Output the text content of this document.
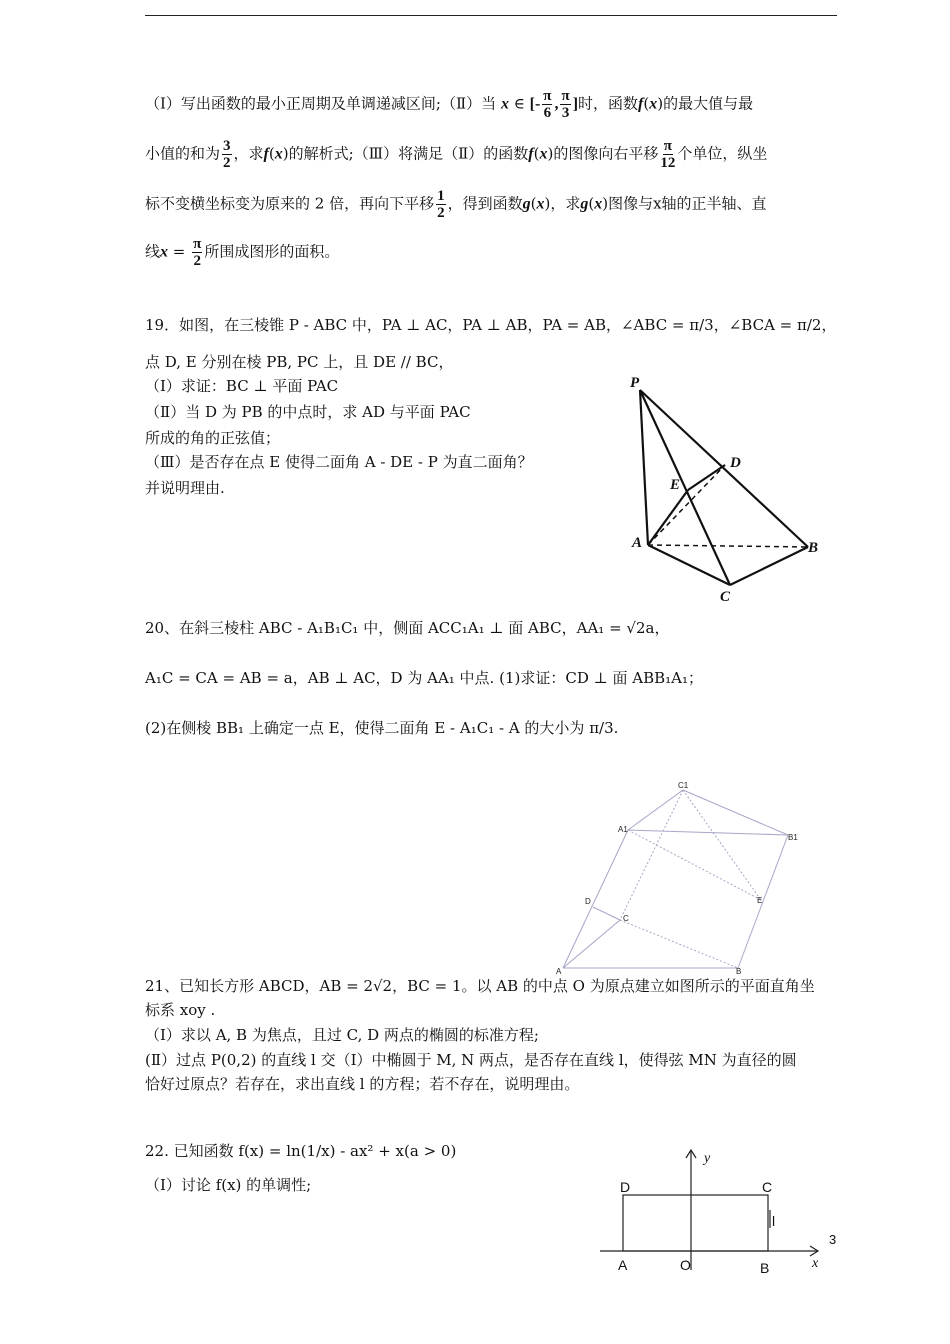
（Ⅰ）写出函数的最小正周期及单调递减区间;（Ⅱ）当 x ∈ [- $\frac{\pi}{6}$ , $\frac{\pi}{3}$ ]时，函数f(x)的最大值与最
小值的和为 $\frac{3}{2}$ ，求f(x)的解析式;（Ⅲ）将满足（Ⅱ）的函数f(x)的图像向右平移 $\frac{\pi}{12}$ 个单位，纵坐
标不变横坐标变为原来的 2 倍，再向下平移 $\frac{1}{2}$ ，得到函数g(x)，求g(x)图像与x轴的正半轴、直
线$x = \frac{\pi}{2}$ 所围成图形的面积。
19．如图，在三棱锥 P - ABC 中，PA ⊥ AC，PA ⊥ AB，PA = AB，∠ABC = π/3，∠BCA = π/2，
点 D, E 分别在棱 PB, PC 上，且 DE // BC，
（Ⅰ）求证：BC ⊥ 平面 PAC
（Ⅱ）当 D 为 PB 的中点时，求 AD 与平面 PAC
所成的角的正弦值；
（Ⅲ）是否存在点 E 使得二面角 A - DE - P 为直二面角？
并说明理由.
P
D
E
A	B
C
20、在斜三棱柱 ABC - A₁B₁C₁ 中，侧面 ACC₁A₁ ⊥ 面 ABC，AA₁ = √2a，
A₁C = CA = AB = a，AB ⊥ AC，D 为 AA₁ 中点. (1)求证：CD ⊥ 面 ABB₁A₁；
(2)在侧棱 BB₁ 上确定一点 E，使得二面角 E - A₁C₁ - A 的大小为 π/3.
C1
A1
B1
D
C
E
A	B
21、已知长方形 ABCD，AB = 2√2，BC = 1。以 AB 的中点 O 为原点建立如图所示的平面直角坐
标系 xoy .
（Ⅰ）求以 A, B 为焦点，且过 C, D 两点的椭圆的标准方程;
(Ⅱ）过点 P(0,2) 的直线 l 交（Ⅰ）中椭圆于 M, N 两点，是否存在直线 l，使得弦 MN 为直径的圆
恰好过原点？若存在，求出直线 l 的方程；若不存在，说明理由。
22. 已知函数 f(x) = ln(1/x) - ax² + x(a > 0)
（Ⅰ）讨论 f(x) 的单调性;
y
D	C
l
A	O	B	x
3
